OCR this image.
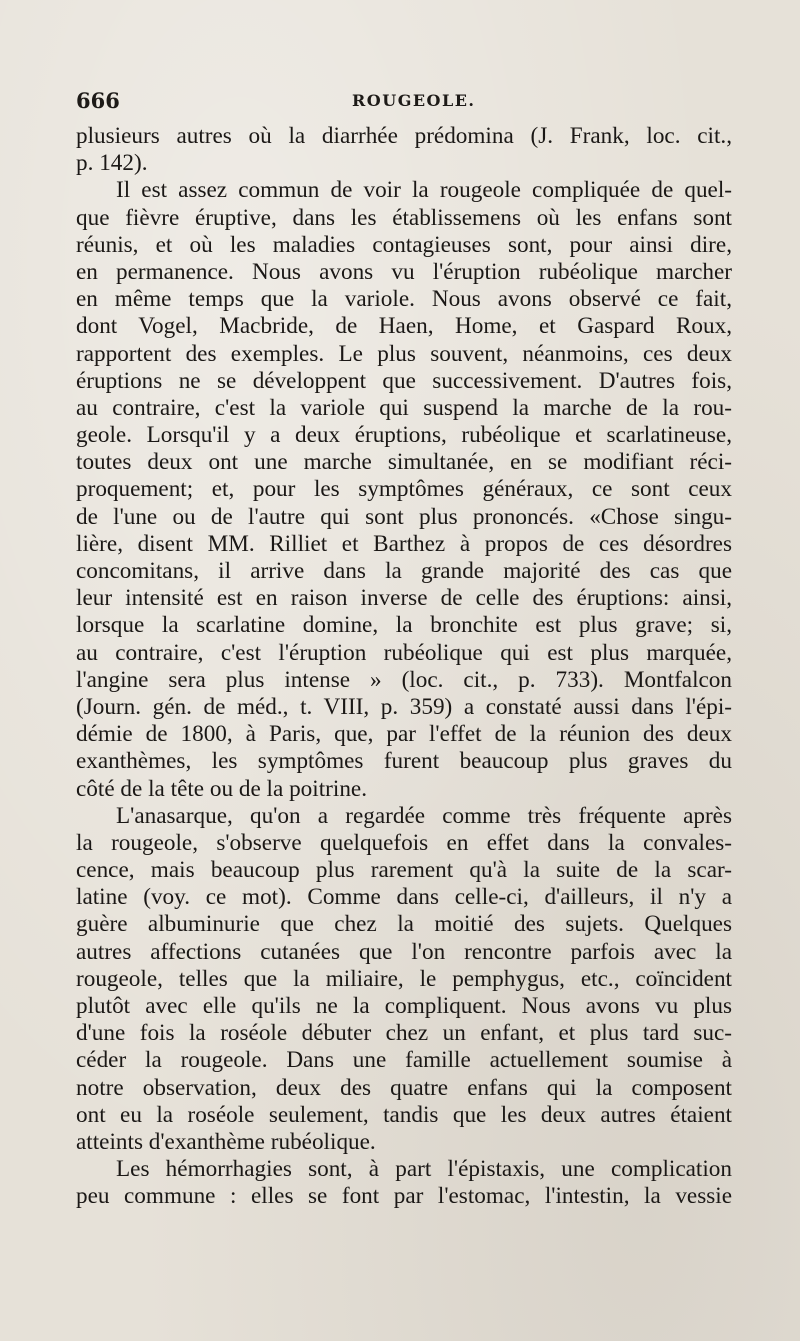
666	ROUGEOLE.
plusieurs autres où la diarrhée prédomina (J. Frank, loc. cit.,
p. 142).
Il est assez commun de voir la rougeole compliquée de quel-
que fièvre éruptive, dans les établissemens où les enfans sont
réunis, et où les maladies contagieuses sont, pour ainsi dire,
en permanence. Nous avons vu l'éruption rubéolique marcher
en même temps que la variole. Nous avons observé ce fait,
dont Vogel, Macbride, de Haen, Home, et Gaspard Roux,
rapportent des exemples. Le plus souvent, néanmoins, ces deux
éruptions ne se développent que successivement. D'autres fois,
au contraire, c'est la variole qui suspend la marche de la rou-
geole. Lorsqu'il y a deux éruptions, rubéolique et scarlatineuse,
toutes deux ont une marche simultanée, en se modifiant réci-
proquement; et, pour les symptômes généraux, ce sont ceux
de l'une ou de l'autre qui sont plus prononcés. «Chose singu-
lière, disent MM. Rilliet et Barthez à propos de ces désordres
concomitans, il arrive dans la grande majorité des cas que
leur intensité est en raison inverse de celle des éruptions: ainsi,
lorsque la scarlatine domine, la bronchite est plus grave; si,
au contraire, c'est l'éruption rubéolique qui est plus marquée,
l'angine sera plus intense » (loc. cit., p. 733). Montfalcon
(Journ. gén. de méd., t. VIII, p. 359) a constaté aussi dans l'épi-
démie de 1800, à Paris, que, par l'effet de la réunion des deux
exanthèmes, les symptômes furent beaucoup plus graves du
côté de la tête ou de la poitrine.
L'anasarque, qu'on a regardée comme très fréquente après
la rougeole, s'observe quelquefois en effet dans la convales-
cence, mais beaucoup plus rarement qu'à la suite de la scar-
latine (voy. ce mot). Comme dans celle-ci, d'ailleurs, il n'y a
guère albuminurie que chez la moitié des sujets. Quelques
autres affections cutanées que l'on rencontre parfois avec la
rougeole, telles que la miliaire, le pemphygus, etc., coïncident
plutôt avec elle qu'ils ne la compliquent. Nous avons vu plus
d'une fois la roséole débuter chez un enfant, et plus tard suc-
céder la rougeole. Dans une famille actuellement soumise à
notre observation, deux des quatre enfans qui la composent
ont eu la roséole seulement, tandis que les deux autres étaient
atteints d'exanthème rubéolique.
Les hémorrhagies sont, à part l'épistaxis, une complication
peu commune : elles se font par l'estomac, l'intestin, la vessie
